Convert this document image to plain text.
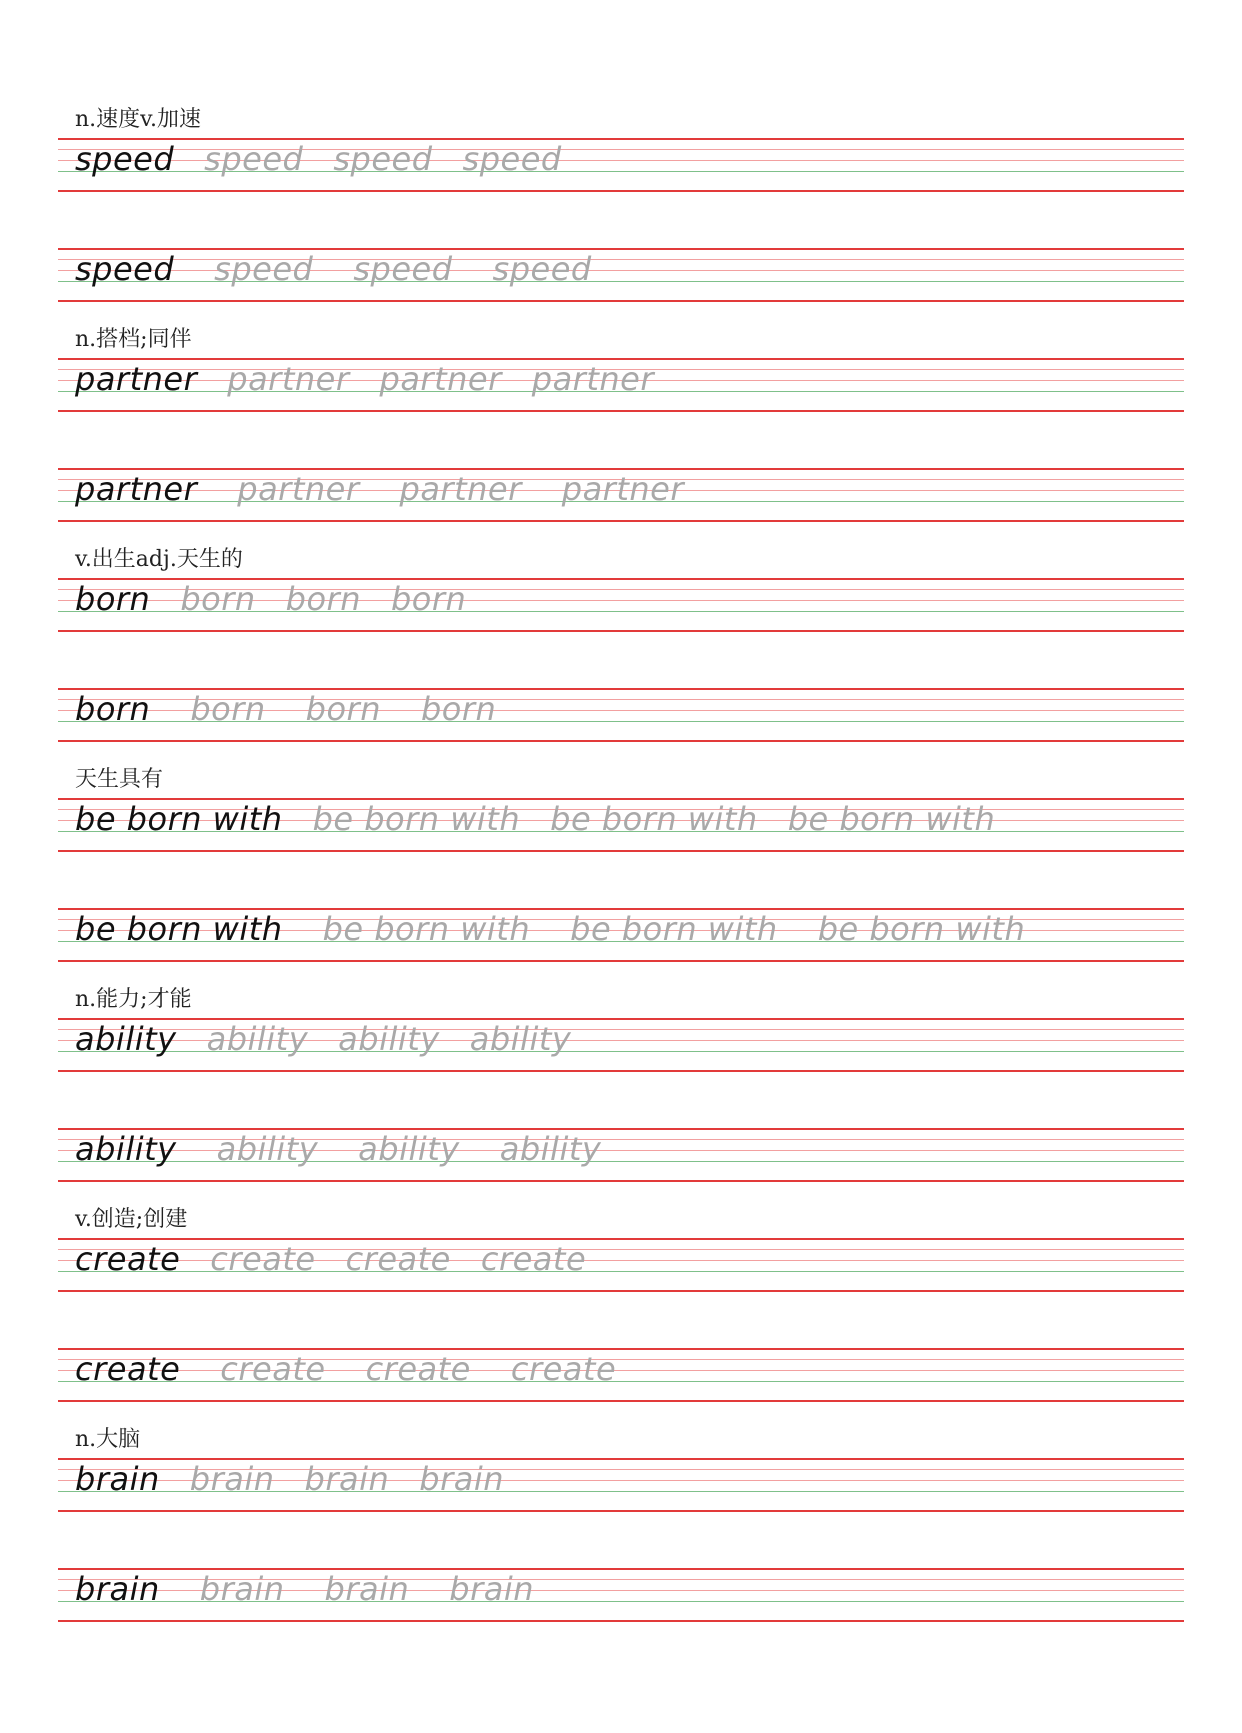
n.速度v.加速
speed speed speed speed
speed speed speed speed
n.搭档;同伴
partner partner partner partner
partner partner partner partner
v.出生adj.天生的
born born born born
born born born born
天生具有
be born with be born with be born with be born with
be born with be born with be born with be born with
n.能力;才能
ability ability ability ability
ability ability ability ability
v.创造;创建
create create create create
create create create create
n.大脑
brain brain brain brain
brain brain brain brain
